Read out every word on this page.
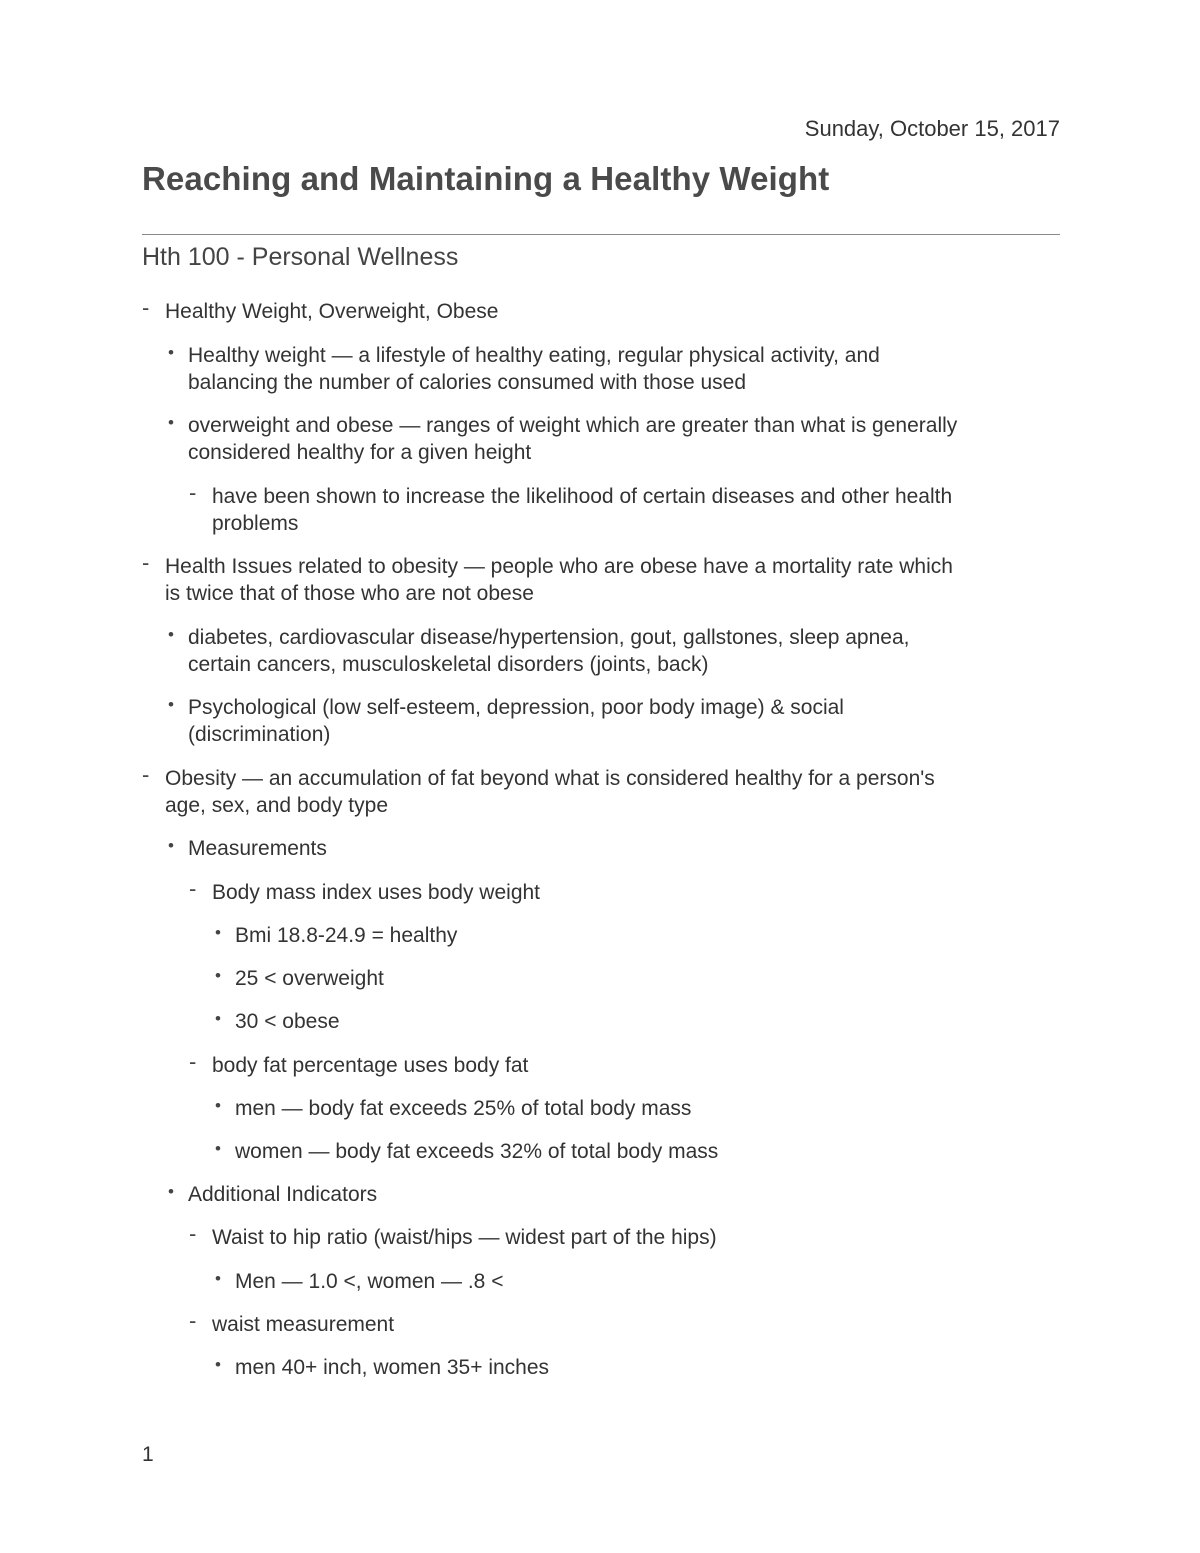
Sunday, October 15, 2017
Reaching and Maintaining a Healthy Weight
Hth 100 - Personal Wellness
- Healthy Weight, Overweight, Obese
• Healthy weight — a lifestyle of healthy eating, regular physical activity, and
balancing the number of calories consumed with those used
• overweight and obese — ranges of weight which are greater than what is generally
considered healthy for a given height
- have been shown to increase the likelihood of certain diseases and other health
problems
- Health Issues related to obesity — people who are obese have a mortality rate which
is twice that of those who are not obese
• diabetes, cardiovascular disease/hypertension, gout, gallstones, sleep apnea,
certain cancers, musculoskeletal disorders (joints, back)
• Psychological (low self-esteem, depression, poor body image) & social
(discrimination)
- Obesity — an accumulation of fat beyond what is considered healthy for a person's
age, sex, and body type
• Measurements
- Body mass index uses body weight
• Bmi 18.8-24.9 = healthy
• 25 < overweight
• 30 < obese
- body fat percentage uses body fat
• men — body fat exceeds 25% of total body mass
• women — body fat exceeds 32% of total body mass
• Additional Indicators
- Waist to hip ratio (waist/hips — widest part of the hips)
• Men — 1.0 <, women — .8 <
- waist measurement
• men 40+ inch, women 35+ inches
1
